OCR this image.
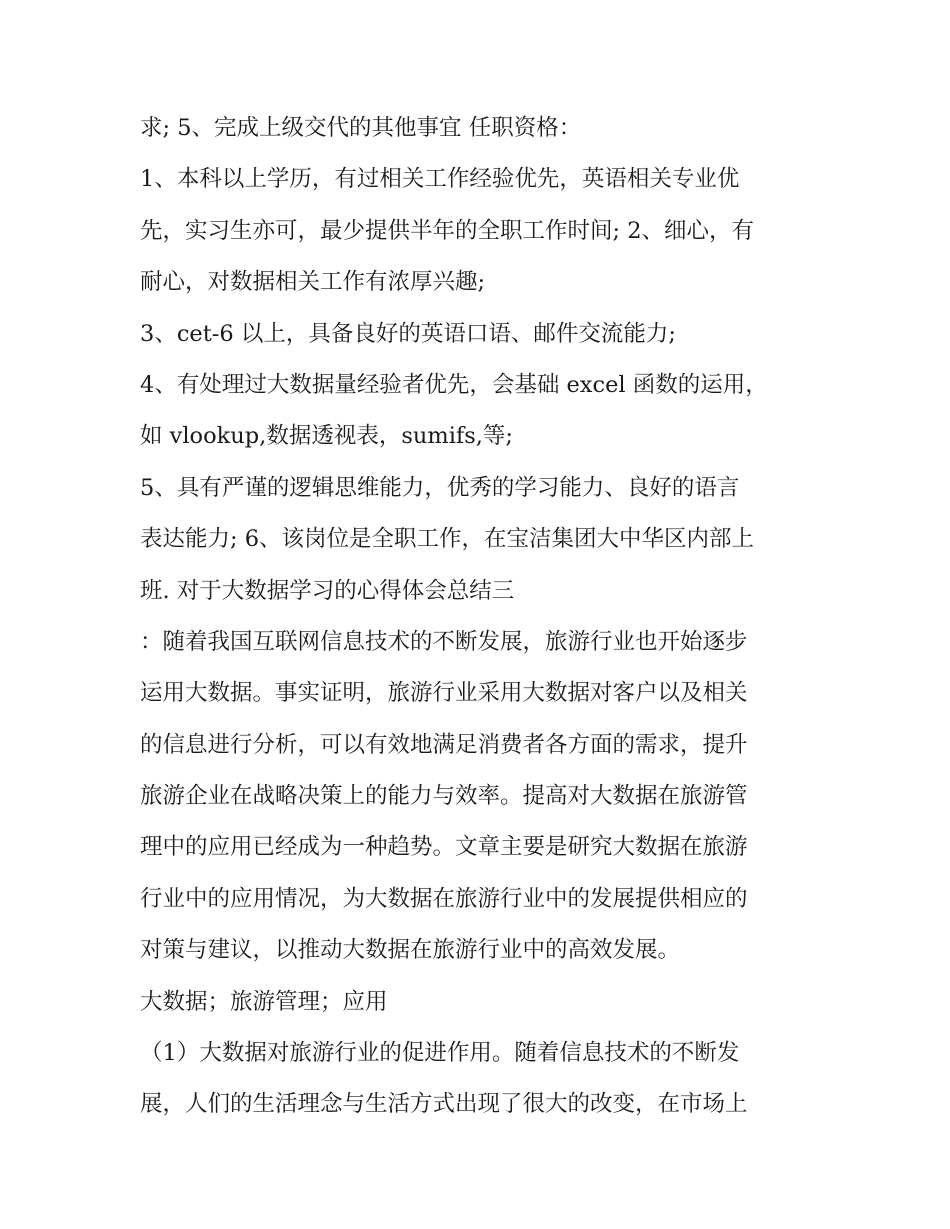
求; 5、完成上级交代的其他事宜 任职资格：
1、本科以上学历，有过相关工作经验优先，英语相关专业优
先，实习生亦可，最少提供半年的全职工作时间; 2、细心，有
耐心，对数据相关工作有浓厚兴趣;
3、cet-6 以上，具备良好的英语口语、邮件交流能力;
4、有处理过大数据量经验者优先，会基础 excel 函数的运用，
如 vlookup,数据透视表，sumifs,等;
5、具有严谨的逻辑思维能力，优秀的学习能力、良好的语言
表达能力; 6、该岗位是全职工作，在宝洁集团大中华区内部上
班. 对于大数据学习的心得体会总结三
：随着我国互联网信息技术的不断发展，旅游行业也开始逐步
运用大数据。事实证明，旅游行业采用大数据对客户以及相关
的信息进行分析，可以有效地满足消费者各方面的需求，提升
旅游企业在战略决策上的能力与效率。提高对大数据在旅游管
理中的应用已经成为一种趋势。文章主要是研究大数据在旅游
行业中的应用情况，为大数据在旅游行业中的发展提供相应的
对策与建议，以推动大数据在旅游行业中的高效发展。
大数据；旅游管理；应用
（1）大数据对旅游行业的促进作用。随着信息技术的不断发
展，人们的生活理念与生活方式出现了很大的改变，在市场上
